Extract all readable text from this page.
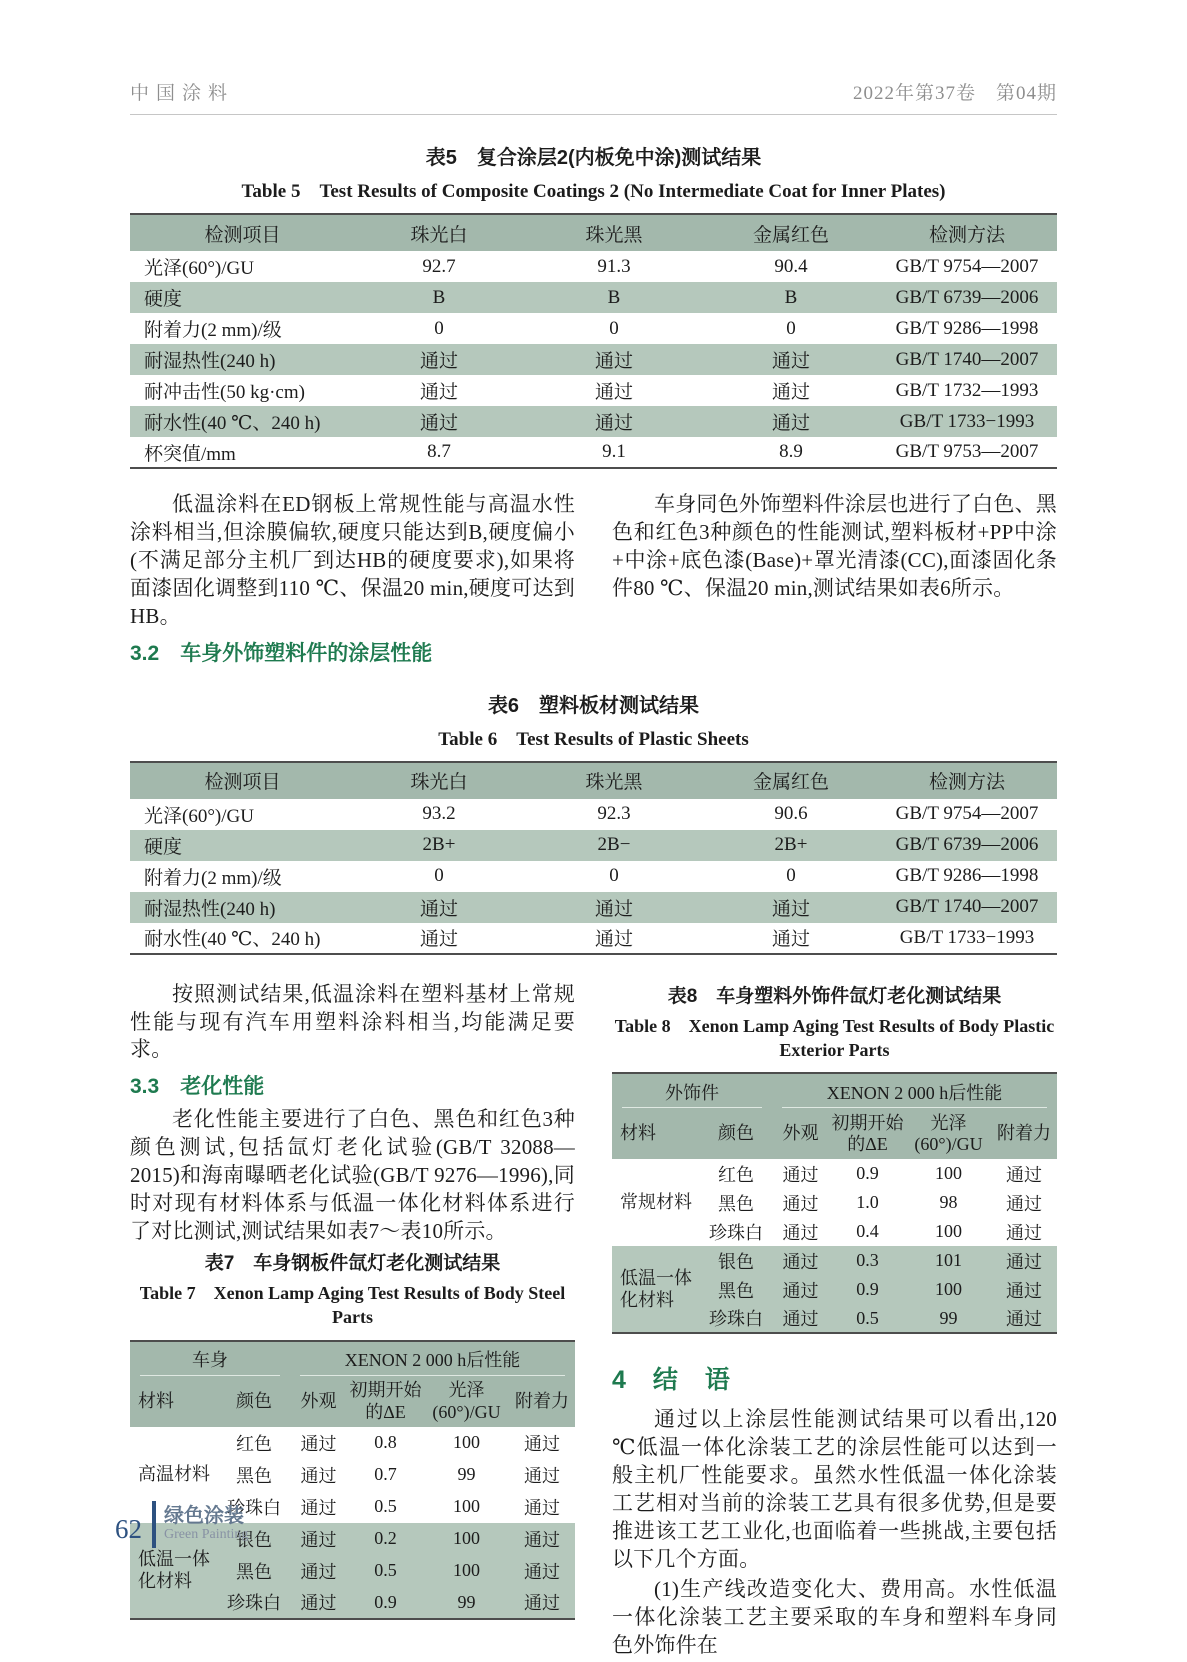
中国涂料	2022年第37卷　第04期
表5　复合涂层2(内板免中涂)测试结果
Table 5　Test Results of Composite Coatings 2 (No Intermediate Coat for Inner Plates)
检测项目	珠光白	珠光黑	金属红色	检测方法
光泽(60°)/GU	92.7	91.3	90.4	GB/T 9754—2007
硬度	B	B	B	GB/T 6739—2006
附着力(2 mm)/级	0	0	0	GB/T 9286—1998
耐湿热性(240 h)	通过	通过	通过	GB/T 1740—2007
耐冲击性(50 kg·cm)	通过	通过	通过	GB/T 1732—1993
耐水性(40 ℃、240 h)	通过	通过	通过	GB/T 1733−1993
杯突值/mm	8.7	9.1	8.9	GB/T 9753—2007

低温涂料在ED钢板上常规性能与高温水性涂料相当,但涂膜偏软,硬度只能达到B,硬度偏小(不满足部分主机厂到达HB的硬度要求),如果将面漆固化调整到110 ℃、保温20 min,硬度可达到HB。

3.2　车身外饰塑料件的涂层性能

车身同色外饰塑料件涂层也进行了白色、黑色和红色3种颜色的性能测试,塑料板材+PP中涂+中涂+底色漆(Base)+罩光清漆(CC),面漆固化条件80 ℃、保温20 min,测试结果如表6所示。

表6　塑料板材测试结果
Table 6　Test Results of Plastic Sheets
检测项目	珠光白	珠光黑	金属红色	检测方法
光泽(60°)/GU	93.2	92.3	90.6	GB/T 9754—2007
硬度	2B+	2B−	2B+	GB/T 6739—2006
附着力(2 mm)/级	0	0	0	GB/T 9286—1998
耐湿热性(240 h)	通过	通过	通过	GB/T 1740—2007
耐水性(40 ℃、240 h)	通过	通过	通过	GB/T 1733−1993

按照测试结果,低温涂料在塑料基材上常规性能与现有汽车用塑料涂料相当,均能满足要求。

3.3　老化性能

老化性能主要进行了白色、黑色和红色3种颜色测试,包括氙灯老化试验(GB/T 32088—2015)和海南曝晒老化试验(GB/T 9276—1996),同时对现有材料体系与低温一体化材料体系进行了对比测试,测试结果如表7～表10所示。

表7　车身钢板件氙灯老化测试结果
Table 7　Xenon Lamp Aging Test Results of Body Steel Parts
车身		XENON 2 000 h后性能			
材料	颜色	外观	初期开始的ΔE	光泽(60°)/GU	附着力
高温材料	红色	通过	0.8	100	通过
	黑色	通过	0.7	99	通过
	珍珠白	通过	0.5	100	通过
低温一体化材料	银色	通过	0.2	100	通过
	黑色	通过	0.5	100	通过
	珍珠白	通过	0.9	99	通过
表8　车身塑料外饰件氙灯老化测试结果
Table 8　Xenon Lamp Aging Test Results of Body Plastic Exterior Parts
外饰件		XENON 2 000 h后性能			
材料	颜色	外观	初期开始的ΔE	光泽(60°)/GU	附着力
常规材料	红色	通过	0.9	100	通过
	黑色	通过	1.0	98	通过
	珍珠白	通过	0.4	100	通过
低温一体化材料	银色	通过	0.3	101	通过
	黑色	通过	0.9	100	通过
	珍珠白	通过	0.5	99	通过
4　结　语

通过以上涂层性能测试结果可以看出,120 ℃低温一体化涂装工艺的涂层性能可以达到一般主机厂性能要求。虽然水性低温一体化涂装工艺相对当前的涂装工艺具有很多优势,但是要推进该工艺工业化,也面临着一些挑战,主要包括以下几个方面。

(1)生产线改造变化大、费用高。水性低温一体化涂装工艺主要采取的车身和塑料车身同色外饰件在

62 绿色涂装
Green Painting
